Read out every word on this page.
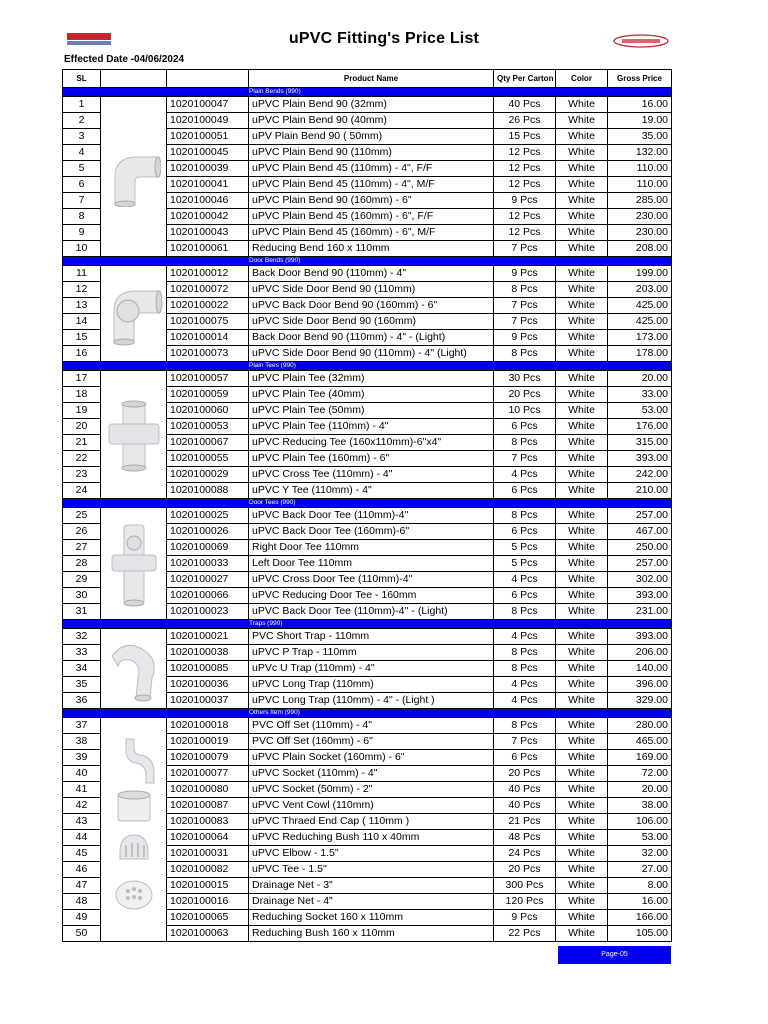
uPVC Fitting's Price List
Effected Date -04/06/2024
SL			Product Name	Qty Per Carton	Color	Gross Price
Plain Bends (990)						
1		1020100047	uPVC Plain Bend 90 (32mm)	40 Pcs	White	16.00
2		1020100049	uPVC Plain Bend 90 (40mm)	26 Pcs	White	19.00
3		1020100051	uPV Plain Bend 90 ( 50mm)	15 Pcs	White	35.00
4		1020100045	uPVC Plain Bend 90 (110mm)	12 Pcs	White	132.00
5		1020100039	uPVC Plain Bend 45 (110mm) - 4", F/F	12 Pcs	White	110.00
6		1020100041	uPVC Plain Bend 45 (110mm) - 4", M/F	12 Pcs	White	110.00
7		1020100046	uPVC Plain Bend 90 (160mm) - 6"	9 Pcs	White	285.00
8		1020100042	uPVC Plain Bend 45 (160mm) - 6", F/F	12 Pcs	White	230.00
9		1020100043	uPVC Plain Bend 45 (160mm) - 6", M/F	12 Pcs	White	230.00
10		1020100061	Reducing Bend 160 x 110mm	7 Pcs	White	208.00
Door Bends (990)						
11		1020100012	Back Door Bend 90 (110mm) - 4"	9 Pcs	White	199.00
12		1020100072	uPVC Side Door Bend 90 (110mm)	8 Pcs	White	203.00
13		1020100022	uPVC Back Door Bend 90 (160mm) - 6"	7 Pcs	White	425.00
14		1020100075	uPVC Side Door Bend 90 (160mm)	7 Pcs	White	425.00
15		1020100014	Back Door Bend 90 (110mm) - 4" - (Light)	9 Pcs	White	173.00
16		1020100073	uPVC Side Door Bend 90 (110mm) - 4" (Light)	8 Pcs	White	178.00
Plain Tees (990)						
17		1020100057	uPVC Plain Tee (32mm)	30 Pcs	White	20.00
18		1020100059	uPVC Plain Tee (40mm)	20 Pcs	White	33.00
19		1020100060	uPVC Plain Tee (50mm)	10 Pcs	White	53.00
20		1020100053	uPVC Plain Tee (110mm) - 4"	6 Pcs	White	176.00
21		1020100067	uPVC Reducing Tee (160x110mm)-6"x4"	8 Pcs	White	315.00
22		1020100055	uPVC Plain Tee (160mm) - 6"	7 Pcs	White	393.00
23		1020100029	uPVC Cross Tee (110mm) - 4"	4 Pcs	White	242.00
24		1020100088	uPVC Y Tee (110mm) - 4"	6 Pcs	White	210.00
Door Tees (990)						
25		1020100025	uPVC Back Door Tee (110mm)-4''	8 Pcs	White	257.00
26		1020100026	uPVC Back Door Tee (160mm)-6''	6 Pcs	White	467.00
27		1020100069	Right Door Tee 110mm	5 Pcs	White	250.00
28		1020100033	Left Door Tee 110mm	5 Pcs	White	257.00
29		1020100027	uPVC Cross Door Tee (110mm)-4''	4 Pcs	White	302.00
30		1020100066	uPVC Reducing Door Tee - 160mm	6 Pcs	White	393.00
31		1020100023	uPVC Back Door Tee (110mm)-4'' - (Light)	8 Pcs	White	231.00
Traps (990)						
32		1020100021	PVC Short Trap - 110mm	4 Pcs	White	393.00
33		1020100038	uPVC P Trap - 110mm	8 Pcs	White	206.00
34		1020100085	uPVc U Trap (110mm) - 4"	8 Pcs	White	140.00
35		1020100036	uPVC Long Trap (110mm)	4 Pcs	White	396.00
36		1020100037	uPVC Long Trap (110mm) - 4" - (Light )	4 Pcs	White	329.00
Others Item (990)						
37		1020100018	PVC Off Set (110mm) - 4"	8 Pcs	White	280.00
38		1020100019	PVC Off Set (160mm) - 6"	7 Pcs	White	465.00
39		1020100079	uPVC Plain Socket (160mm) - 6"	6 Pcs	White	169.00
40		1020100077	uPVC Socket (110mm) - 4"	20 Pcs	White	72.00
41		1020100080	uPVC Socket (50mm) - 2"	40 Pcs	White	20.00
42		1020100087	uPVC Vent Cowl (110mm)	40 Pcs	White	38.00
43		1020100083	uPVC Thraed End Cap ( 110mm )	21 Pcs	White	106.00
44		1020100064	uPVC Reduching Bush 110 x 40mm	48 Pcs	White	53.00
45		1020100031	uPVC Elbow - 1.5"	24 Pcs	White	32.00
46		1020100082	uPVC Tee - 1.5"	20 Pcs	White	27.00
47		1020100015	Drainage Net - 3"	300 Pcs	White	8.00
48		1020100016	Drainage Net - 4"	120 Pcs	White	16.00
49		1020100065	Reduching Socket 160 x 110mm	9 Pcs	White	166.00
50		1020100063	Reduching Bush 160 x 110mm	22 Pcs	White	105.00
Page-05
